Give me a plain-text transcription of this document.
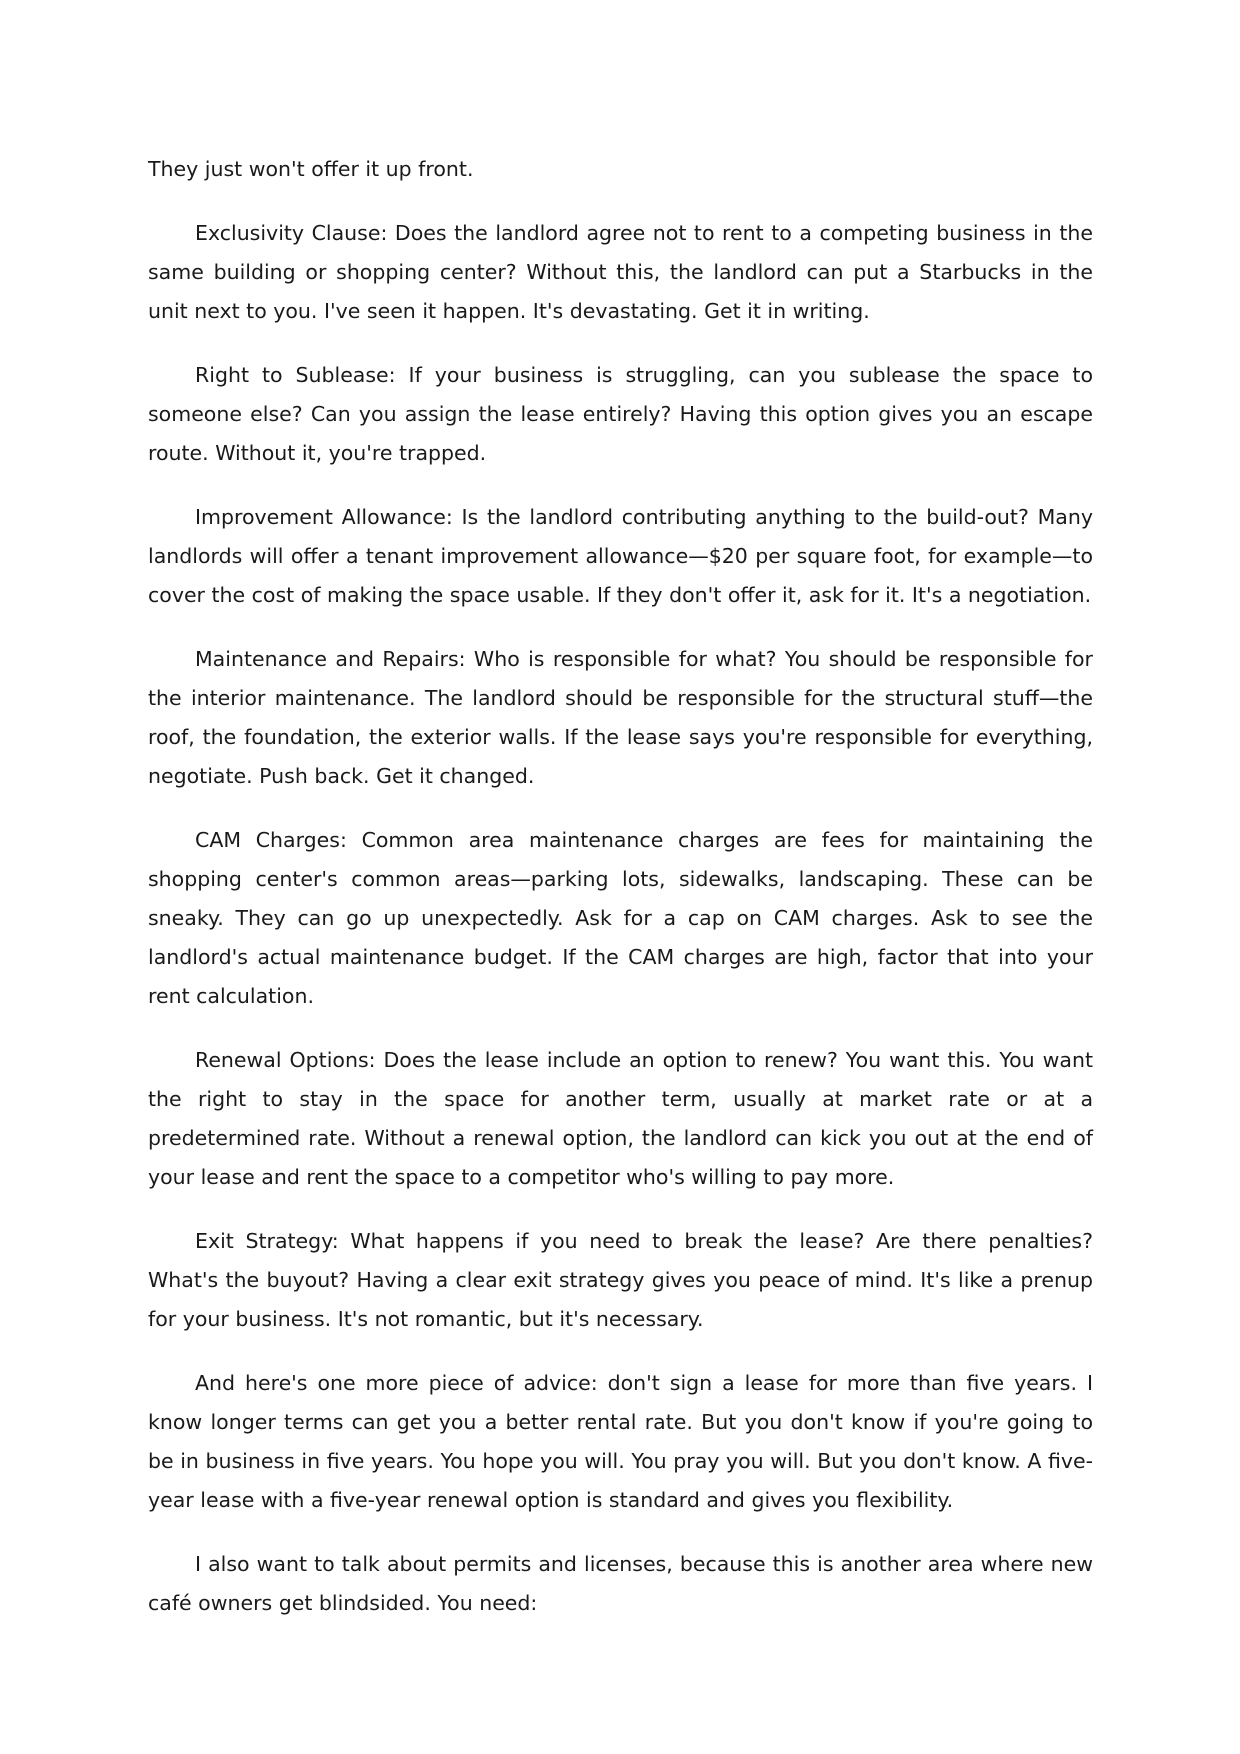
They just won't offer it up front.

Exclusivity Clause: Does the landlord agree not to rent to a competing business in the same building or shopping center? Without this, the landlord can put a Starbucks in the unit next to you. I've seen it happen. It's devastating. Get it in writing.

Right to Sublease: If your business is struggling, can you sublease the space to someone else? Can you assign the lease entirely? Having this option gives you an escape route. Without it, you're trapped.

Improvement Allowance: Is the landlord contributing anything to the build-out? Many landlords will offer a tenant improvement allowance—$20 per square foot, for example—to cover the cost of making the space usable. If they don't offer it, ask for it. It's a negotiation.

Maintenance and Repairs: Who is responsible for what? You should be responsible for the interior maintenance. The landlord should be responsible for the structural stuff—the roof, the foundation, the exterior walls. If the lease says you're responsible for everything, negotiate. Push back. Get it changed.

CAM Charges: Common area maintenance charges are fees for maintaining the shopping center's common areas—parking lots, sidewalks, landscaping. These can be sneaky. They can go up unexpectedly. Ask for a cap on CAM charges. Ask to see the landlord's actual maintenance budget. If the CAM charges are high, factor that into your rent calculation.

Renewal Options: Does the lease include an option to renew? You want this. You want the right to stay in the space for another term, usually at market rate or at a predetermined rate. Without a renewal option, the landlord can kick you out at the end of your lease and rent the space to a competitor who's willing to pay more.

Exit Strategy: What happens if you need to break the lease? Are there penalties? What's the buyout? Having a clear exit strategy gives you peace of mind. It's like a prenup for your business. It's not romantic, but it's necessary.

And here's one more piece of advice: don't sign a lease for more than five years. I know longer terms can get you a better rental rate. But you don't know if you're going to be in business in five years. You hope you will. You pray you will. But you don't know. A five-year lease with a five-year renewal option is standard and gives you flexibility.

I also want to talk about permits and licenses, because this is another area where new café owners get blindsided. You need:
